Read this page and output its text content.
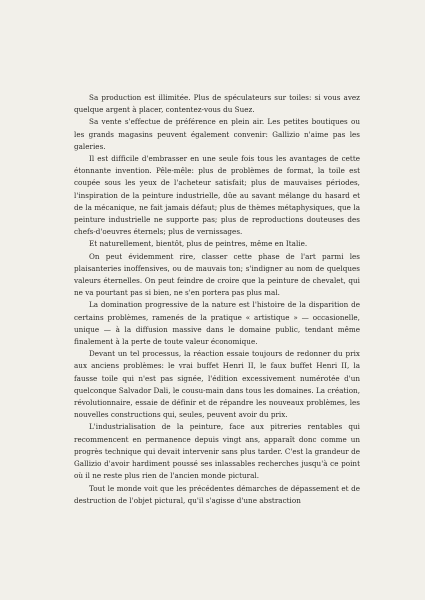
Sa production est illimitée. Plus de spéculateurs sur toiles: si vous avez quelque argent à placer, contentez-vous du Suez.

Sa vente s'effectue de préférence en plein air. Les petites boutiques ou les grands magasins peuvent également convenir: Gallizio n'aime pas les galeries.

Il est difficile d'embrasser en une seule fois tous les avantages de cette étonnante invention. Pêle-mêle: plus de problèmes de format, la toile est coupée sous les yeux de l'acheteur satisfait; plus de mauvaises périodes, l'inspiration de la peinture industrielle, dûe au savant mélange du hasard et de la mécanique, ne fait jamais défaut; plus de thèmes métaphysiques, que la peinture industrielle ne supporte pas; plus de reproductions douteuses des chefs-d'oeuvres éternels; plus de vernissages.

Et naturellement, bientôt, plus de peintres, même en Italie.

On peut évidemment rire, classer cette phase de l'art parmi les plaisanteries inoffensives, ou de mauvais ton; s'indigner au nom de quelques valeurs éternelles. On peut feindre de croire que la peinture de chevalet, qui ne va pourtant pas si bien, ne s'en portera pas plus mal.

La domination progressive de la nature est l'histoire de la disparition de certains problèmes, ramenés de la pratique « artistique » — occasionelle, unique — à la diffusion massive dans le domaine public, tendant même finalement à la perte de toute valeur économique.

Devant un tel processus, la réaction essaie toujours de redonner du prix aux anciens problèmes: le vrai buffet Henri II, le faux buffet Henri II, la fausse toile qui n'est pas signée, l'édition excessivement numérotée d'un quelconque Salvador Dali, le cousu-main dans tous les domaines. La création, révolutionnaire, essaie de définir et de répandre les nouveaux problèmes, les nouvelles constructions qui, seules, peuvent avoir du prix.

L'industrialisation de la peinture, face aux pitreries rentables qui recommencent en permanence depuis vingt ans, apparaît donc comme un progrès technique qui devait intervenir sans plus tarder. C'est la grandeur de Gallizio d'avoir hardiment poussé ses inlassables recherches jusqu'à ce point où il ne reste plus rien de l'ancien monde pictural.

Tout le monde voit que les précédentes démarches de dépassement et de destruction de l'objet pictural, qu'il s'agisse d'une abstraction
